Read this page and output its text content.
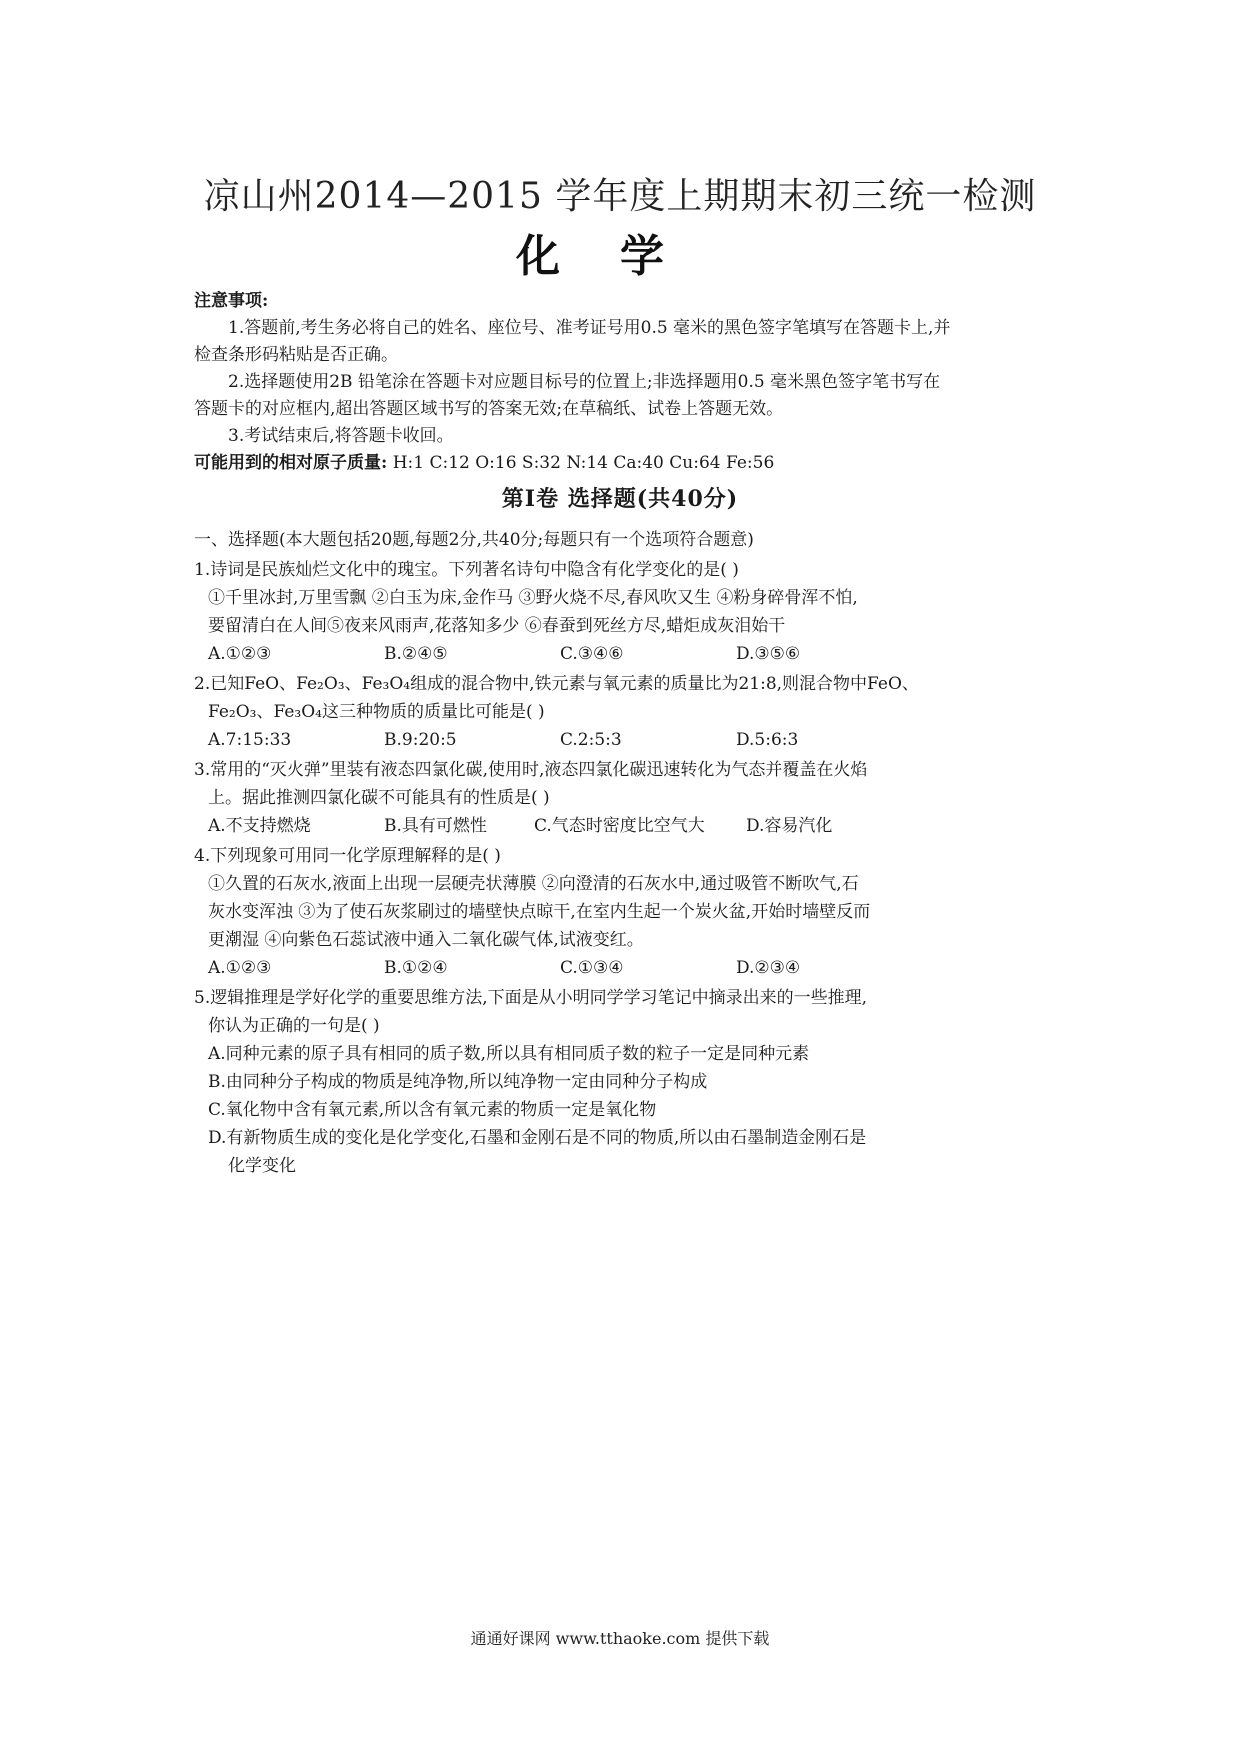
凉山州2014—2015 学年度上期期末初三统一检测
化学
注意事项:
1.答题前,考生务必将自己的姓名、座位号、准考证号用0.5 毫米的黑色签字笔填写在答题卡上,并检查条形码粘贴是否正确。
2.选择题使用2B 铅笔涂在答题卡对应题目标号的位置上;非选择题用0.5 毫米黑色签字笔书写在答题卡的对应框内,超出答题区域书写的答案无效;在草稿纸、试卷上答题无效。
3.考试结束后,将答题卡收回。
可能用到的相对原子质量: H:1 C:12 O:16 S:32 N:14 Ca:40 Cu:64 Fe:56
第Ⅰ卷 选择题(共40分)
一、选择题(本大题包括20题,每题2分,共40分;每题只有一个选项符合题意)
1.诗词是民族灿烂文化中的瑰宝。下列著名诗句中隐含有化学变化的是( )
①千里冰封,万里雪飘 ②白玉为床,金作马 ③野火烧不尽,春风吹又生 ④粉身碎骨浑不怕,
要留清白在人间⑤夜来风雨声,花落知多少 ⑥春蚕到死丝方尽,蜡炬成灰泪始干
A.①②③	B.②④⑤	C.③④⑥	D.③⑤⑥
2.已知FeO、Fe₂O₃、Fe₃O₄组成的混合物中,铁元素与氧元素的质量比为21:8,则混合物中FeO、
Fe₂O₃、Fe₃O₄这三种物质的质量比可能是( )
A.7:15:33	B.9:20:5	C.2:5:3	D.5:6:3
3.常用的“灭火弹”里装有液态四氯化碳,使用时,液态四氯化碳迅速转化为气态并覆盖在火焰
上。据此推测四氯化碳不可能具有的性质是( )
A.不支持燃烧	B.具有可燃性	C.气态时密度比空气大	D.容易汽化
4.下列现象可用同一化学原理解释的是( )
①久置的石灰水,液面上出现一层硬壳状薄膜 ②向澄清的石灰水中,通过吸管不断吹气,石
灰水变浑浊 ③为了使石灰浆刷过的墙壁快点晾干,在室内生起一个炭火盆,开始时墙壁反而
更潮湿 ④向紫色石蕊试液中通入二氧化碳气体,试液变红。
A.①②③	B.①②④	C.①③④	D.②③④
5.逻辑推理是学好化学的重要思维方法,下面是从小明同学学习笔记中摘录出来的一些推理,
你认为正确的一句是( )
A.同种元素的原子具有相同的质子数,所以具有相同质子数的粒子一定是同种元素
B.由同种分子构成的物质是纯净物,所以纯净物一定由同种分子构成
C.氧化物中含有氧元素,所以含有氧元素的物质一定是氧化物
D.有新物质生成的变化是化学变化,石墨和金刚石是不同的物质,所以由石墨制造金刚石是
化学变化
通通好课网 www.tthaoke.com 提供下载
